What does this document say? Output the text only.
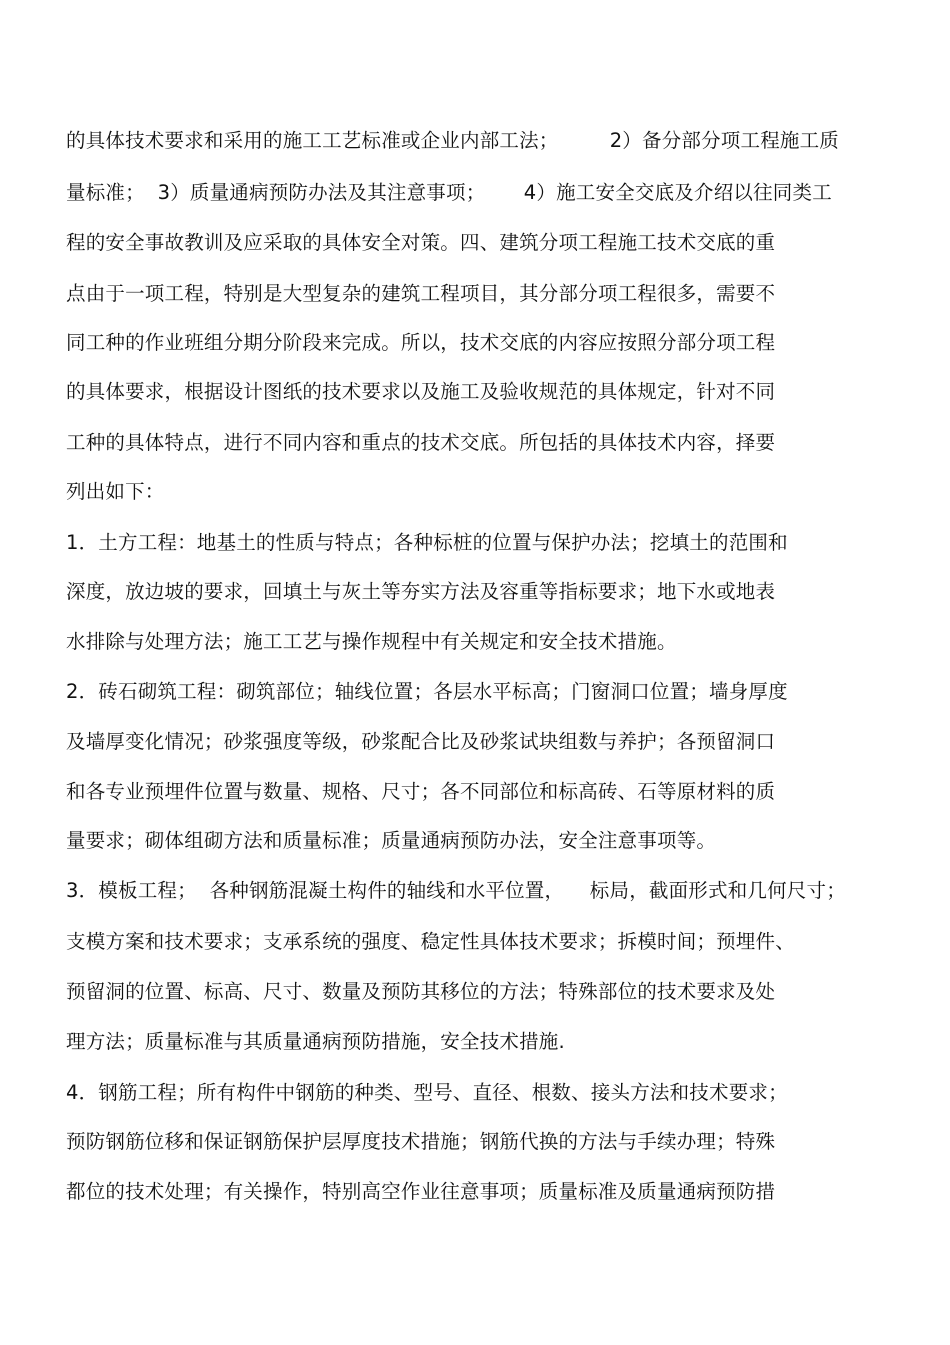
的具体技术要求和采用的施工工艺标准或企业内部工法；        2）备分部分项工程施工质
量标准；  3）质量通病预防办法及其注意事项；      4）施工安全交底及介绍以往同类工
程的安全事故教训及应采取的具体安全对策。四、建筑分项工程施工技术交底的重
点由于一项工程，特别是大型复杂的建筑工程项目，其分部分项工程很多，需要不
同工种的作业班组分期分阶段来完成。所以，技术交底的内容应按照分部分项工程
的具体要求，根据设计图纸的技术要求以及施工及验收规范的具体规定，针对不同
工种的具体特点，进行不同内容和重点的技术交底。所包括的具体技术内容，择要
列出如下：
1．土方工程：地基土的性质与特点；各种标桩的位置与保护办法；挖填土的范围和
深度，放边坡的要求，回填土与灰土等夯实方法及容重等指标要求；地下水或地表
水排除与处理方法；施工工艺与操作规程中有关规定和安全技术措施。
2．砖石砌筑工程：砌筑部位；轴线位置；各层水平标高；门窗洞口位置；墙身厚度
及墙厚变化情况；砂浆强度等级，砂浆配合比及砂浆试块组数与养护；各预留洞口
和各专业预埋件位置与数量、规格、尺寸；各不同部位和标高砖、石等原材料的质
量要求；砌体组砌方法和质量标准；质量通病预防办法，安全注意事项等。
3．模板工程；  各种钢筋混凝土构件的轴线和水平位置，    标局，截面形式和几何尺寸；
支模方案和技术要求；支承系统的强度、稳定性具体技术要求；拆模时间；预埋件、
预留洞的位置、标高、尺寸、数量及预防其移位的方法；特殊部位的技术要求及处
理方法；质量标准与其质量通病预防措施，安全技术措施.
4．钢筋工程；所有构件中钢筋的种类、型号、直径、根数、接头方法和技术要求；
预防钢筋位移和保证钢筋保护层厚度技术措施；钢筋代换的方法与手续办理；特殊
都位的技术处理；有关操作，特别高空作业往意事项；质量标准及质量通病预防措
